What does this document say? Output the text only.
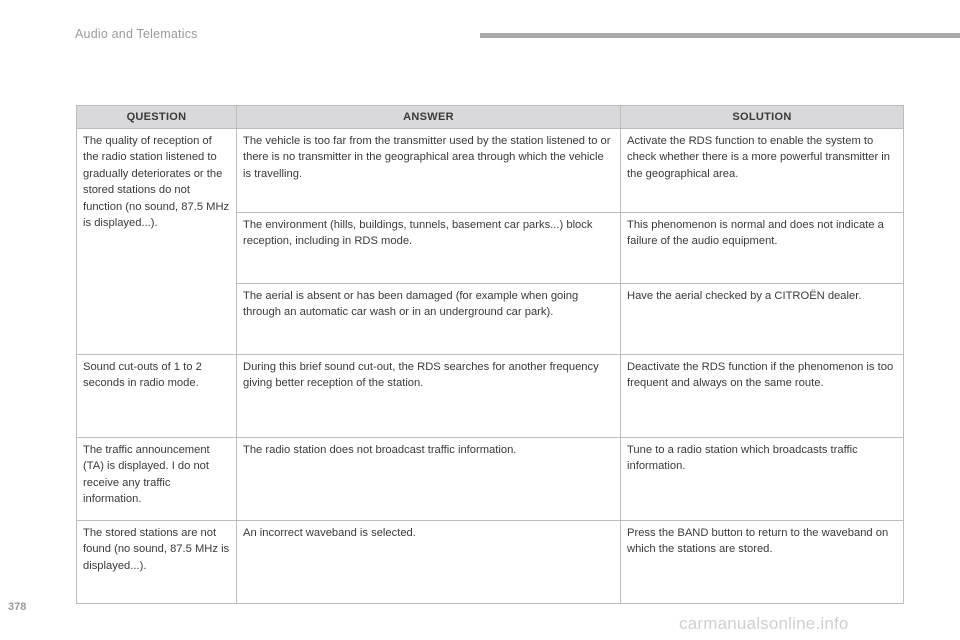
Audio and Telematics
QUESTION	ANSWER	SOLUTION
The quality of reception of the radio station listened to gradually deteriorates or the stored stations do not function (no sound, 87.5 MHz is displayed...).	The vehicle is too far from the transmitter used by the station listened to or there is no transmitter in the geographical area through which the vehicle is travelling.	Activate the RDS function to enable the system to check whether there is a more powerful transmitter in the geographical area.
	The environment (hills, buildings, tunnels, basement car parks...) block reception, including in RDS mode.	This phenomenon is normal and does not indicate a failure of the audio equipment.
	The aerial is absent or has been damaged (for example when going through an automatic car wash or in an underground car park).	Have the aerial checked by a CITROËN dealer.
Sound cut-outs of 1 to 2 seconds in radio mode.	During this brief sound cut-out, the RDS searches for another frequency giving better reception of the station.	Deactivate the RDS function if the phenomenon is too frequent and always on the same route.
The traffic announcement (TA) is displayed. I do not receive any traffic information.	The radio station does not broadcast traffic information.	Tune to a radio station which broadcasts traffic information.
The stored stations are not found (no sound, 87.5 MHz is displayed...).	An incorrect waveband is selected.	Press the BAND button to return to the waveband on which the stations are stored.
378
carmanualsonline.info
